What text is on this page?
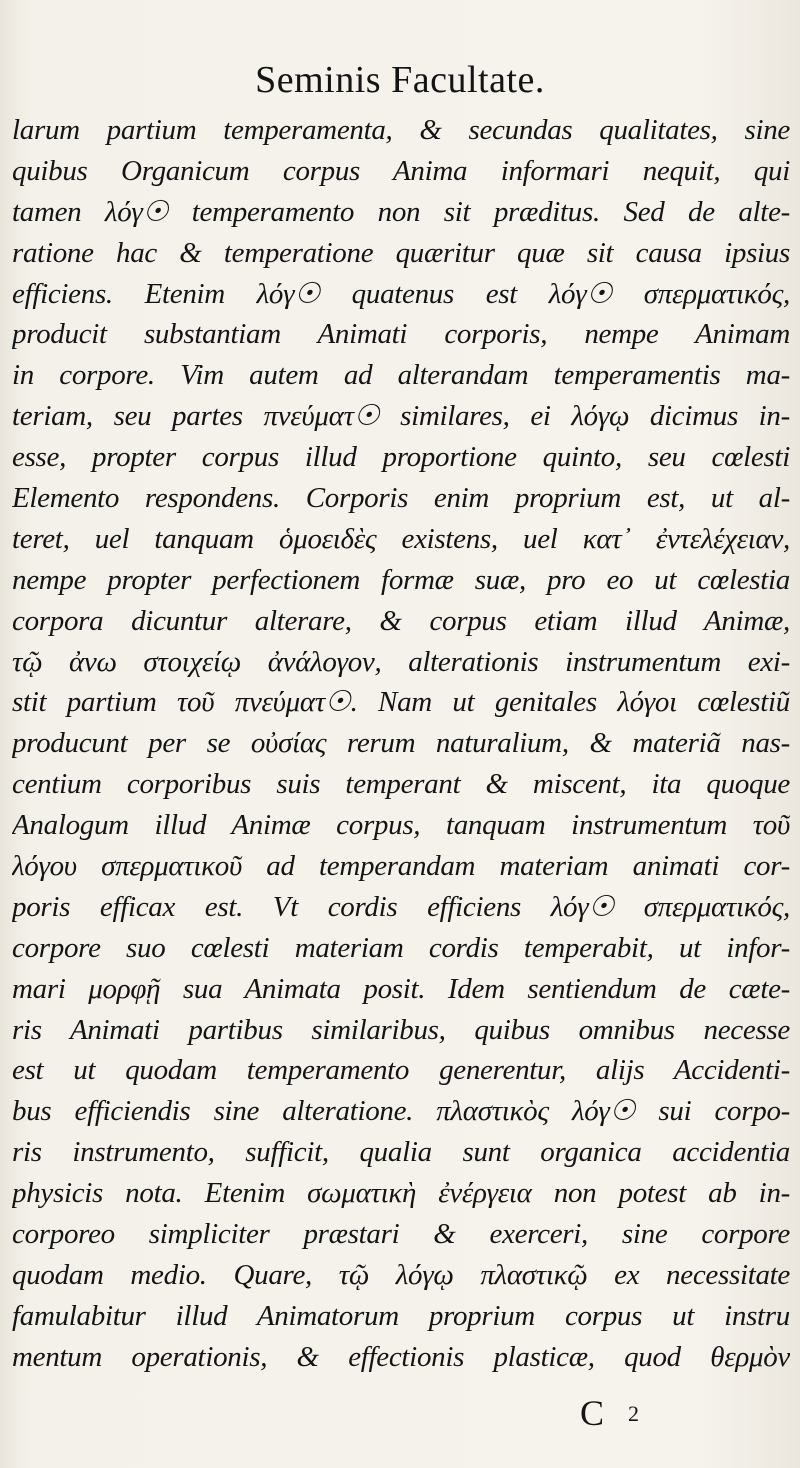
Seminis Facultate.
larum partium temperamenta, & secundas qualitates, sine
quibus Organicum corpus Anima informari nequit, qui
tamen λόγ☉ temperamento non sit præditus. Sed de alte-
ratione hac & temperatione quæritur quæ sit causa ipsius
efficiens. Etenim λόγ☉ quatenus est λόγ☉ σπερματικός,
producit substantiam Animati corporis, nempe Animam
in corpore. Vim autem ad alterandam temperamentis ma-
teriam, seu partes πνεύματ☉ similares, ei λόγῳ dicimus in-
esse, propter corpus illud proportione quinto, seu cœlesti
Elemento respondens. Corporis enim proprium est, ut al-
teret, uel tanquam ὁμοειδὲς existens, uel κατ᾽ ἐντελέχειαν,
nempe propter perfectionem formæ suæ, pro eo ut cœlestia
corpora dicuntur alterare, & corpus etiam illud Animæ,
τῷ ἀνω στοιχείῳ ἀνάλογον, alterationis instrumentum exi-
stit partium τοῦ πνεύματ☉. Nam ut genitales λόγοι cœlestiũ
producunt per se οὐσίας rerum naturalium, & materiã nas-
centium corporibus suis temperant & miscent, ita quoque
Analogum illud Animæ corpus, tanquam instrumentum τοῦ
λόγου σπερματικοῦ ad temperandam materiam animati cor-
poris efficax est. Vt cordis efficiens λόγ☉ σπερματικός,
corpore suo cœlesti materiam cordis temperabit, ut infor-
mari μορφῇ sua Animata posit. Idem sentiendum de cæte-
ris Animati partibus similaribus, quibus omnibus necesse
est ut quodam temperamento generentur, alijs Accidenti-
bus efficiendis sine alteratione. πλαστικὸς λόγ☉ sui corpo-
ris instrumento, sufficit, qualia sunt organica accidentia
physicis nota. Etenim σωματικὴ ἐνέργεια non potest ab in-
corporeo simpliciter præstari & exerceri, sine corpore
quodam medio. Quare, τῷ λόγῳ πλαστικῷ ex necessitate
famulabitur illud Animatorum proprium corpus ut instru
mentum operationis, & effectionis plasticæ, quod θερμὸν
C 2
